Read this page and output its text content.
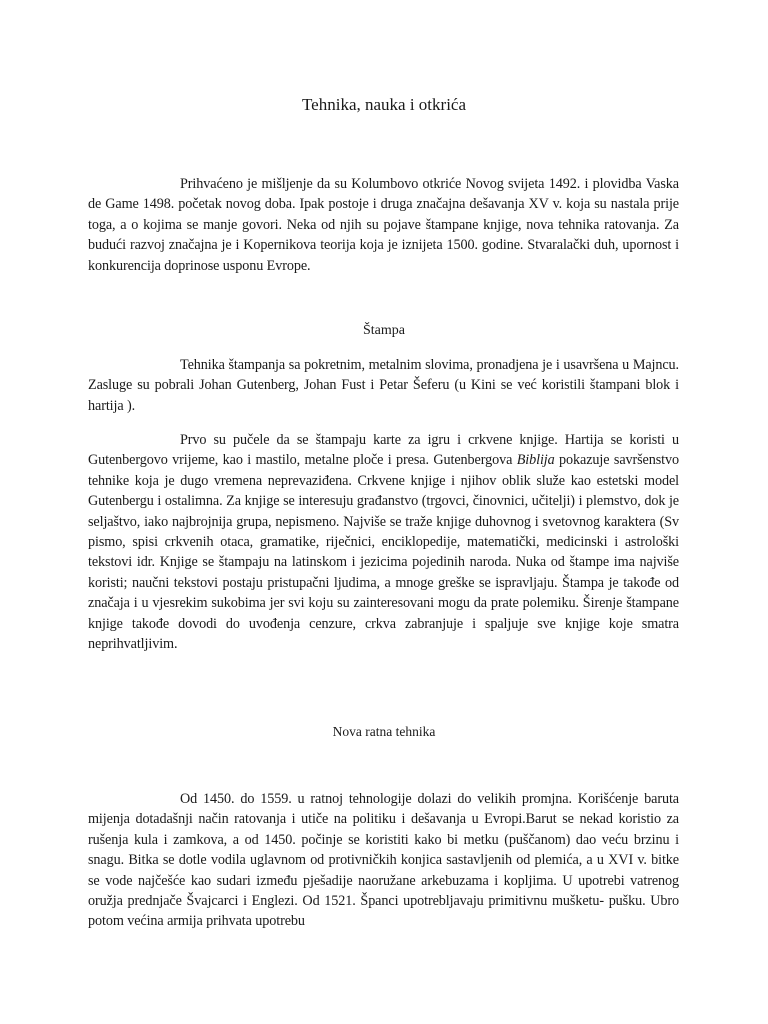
Tehnika, nauka i otkrića

Prihvaćeno je mišljenje da su Kolumbovo otkriće Novog svijeta 1492. i plovidba Vaska de Game 1498. početak novog doba. Ipak postoje i druga značajna dešavanja XV v. koja su nastala prije toga, a o kojima se manje govori. Neka od njih su pojave štampane knjige, nova tehnika ratovanja. Za budući razvoj značajna je i Kopernikova teorija koja je iznijeta 1500. godine. Stvaralački duh, upornost i konkurencija doprinose usponu Evrope.

Štampa

Tehnika štampanja sa pokretnim, metalnim slovima, pronadjena je i usavršena u Majncu. Zasluge su pobrali Johan Gutenberg, Johan Fust i Petar Šeferu (u Kini se već koristili štampani blok i hartija ).

Prvo su pučele da se štampaju karte za igru i crkvene knjige. Hartija se koristi u Gutenbergovo vrijeme, kao i mastilo, metalne ploče i presa. Gutenbergova Biblija pokazuje savršenstvo tehnike koja je dugo vremena neprevaziđena. Crkvene knjige i njihov oblik služe kao estetski model Gutenbergu i ostalimna. Za knjige se interesuju građanstvo (trgovci, činovnici, učitelji) i plemstvo, dok je seljaštvo, iako najbrojnija grupa, nepismeno. Najviše se traže knjige duhovnog i svetovnog karaktera (Sv pismo, spisi crkvenih otaca, gramatike, riječnici, enciklopedije, matematički, medicinski i astrološki tekstovi idr. Knjige se štampaju na latinskom i jezicima pojedinih naroda. Nuka od štampe ima najviše koristi; naučni tekstovi postaju pristupačni ljudima, a mnoge greške se ispravljaju. Štampa je takođe od značaja i u vjesrekim sukobima jer svi koju su zainteresovani mogu da prate polemiku. Širenje štampane knjige takođe dovodi do uvođenja cenzure, crkva zabranjuje i spaljuje sve knjige koje smatra neprihvatljivim.

Nova ratna tehnika

Od 1450. do 1559. u ratnoj tehnologije dolazi do velikih promjna. Korišćenje baruta mijenja dotadašnji način ratovanja i utiče na politiku i dešavanja u Evropi.Barut se nekad koristio za rušenja kula i zamkova, a od 1450. počinje se koristiti kako bi metku (puščanom) dao veću brzinu i snagu. Bitka se dotle vodila uglavnom od protivničkih konjica sastavljenih od plemića, a u XVI v. bitke se vode najčešće kao sudari između pješadije naoružane arkebuzama i kopljima. U upotrebi vatrenog oružja prednjače Švajcarci i Englezi. Od 1521. Španci upotrebljavaju primitivnu mušketu- pušku. Ubro potom većina armija prihvata upotrebu
